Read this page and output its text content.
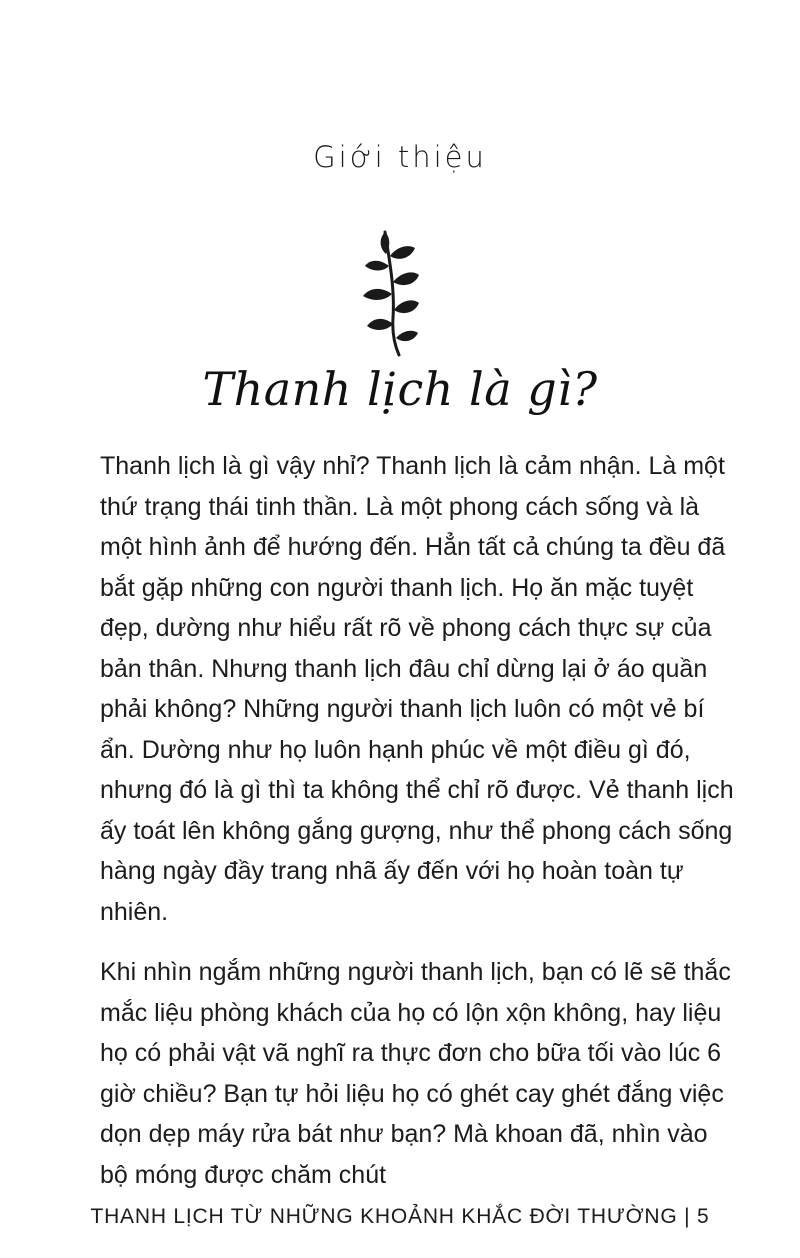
Giới thiệu
Thanh lịch là gì?

Thanh lịch là gì vậy nhỉ? Thanh lịch là cảm nhận. Là một thứ trạng thái tinh thần. Là một phong cách sống và là một hình ảnh để hướng đến. Hẳn tất cả chúng ta đều đã bắt gặp những con người thanh lịch. Họ ăn mặc tuyệt đẹp, dường như hiểu rất rõ về phong cách thực sự của bản thân. Nhưng thanh lịch đâu chỉ dừng lại ở áo quần phải không? Những người thanh lịch luôn có một vẻ bí ẩn. Dường như họ luôn hạnh phúc về một điều gì đó, nhưng đó là gì thì ta không thể chỉ rõ được. Vẻ thanh lịch ấy toát lên không gắng gượng, như thể phong cách sống hàng ngày đầy trang nhã ấy đến với họ hoàn toàn tự nhiên.

Khi nhìn ngắm những người thanh lịch, bạn có lẽ sẽ thắc mắc liệu phòng khách của họ có lộn xộn không, hay liệu họ có phải vật vã nghĩ ra thực đơn cho bữa tối vào lúc 6 giờ chiều? Bạn tự hỏi liệu họ có ghét cay ghét đắng việc dọn dẹp máy rửa bát như bạn? Mà khoan đã, nhìn vào bộ móng được chăm chút

THANH LỊCH TỪ NHỮNG KHOẢNH KHẮC ĐỜI THƯỜNG | 5
